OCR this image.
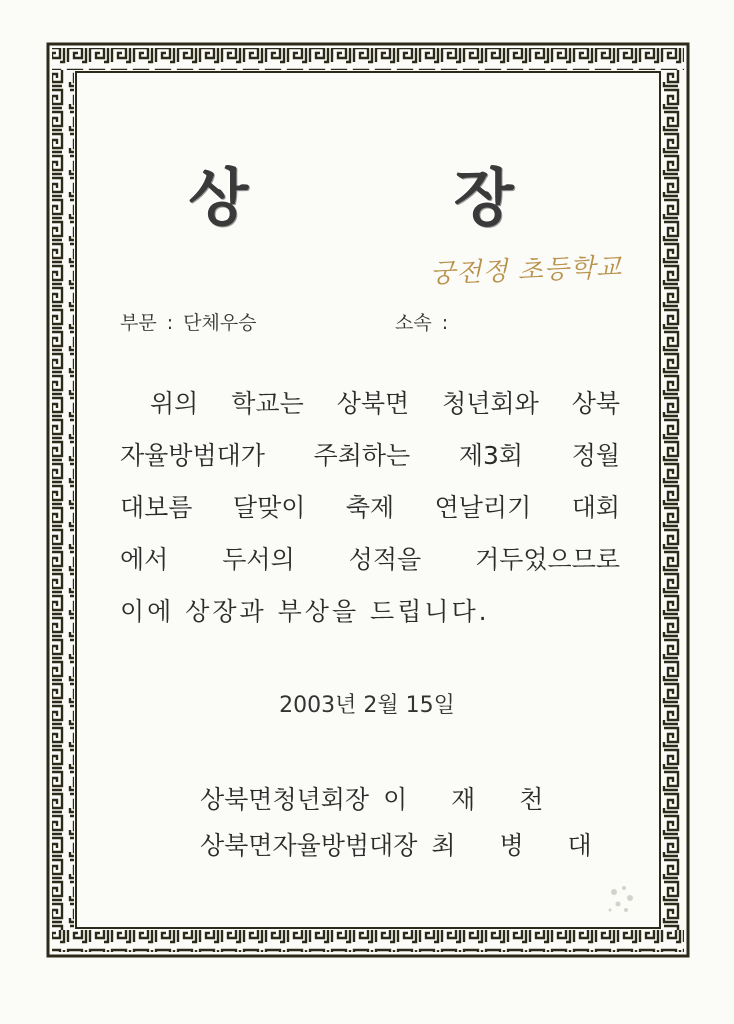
상 장
궁전정 초등학교
부문 : 단체우승	소속 :
위의 학교는 상북면 청년회와 상북
자율방범대가 주최하는 제3회 정월
대보름 달맞이 축제 연날리기 대회
에서 두서의 성적을 거두었으므로
이에 상장과 부상을 드립니다.
2003년 2월 15일
상북면청년회장 이 재 천
상북면자율방범대장 최 병 대
